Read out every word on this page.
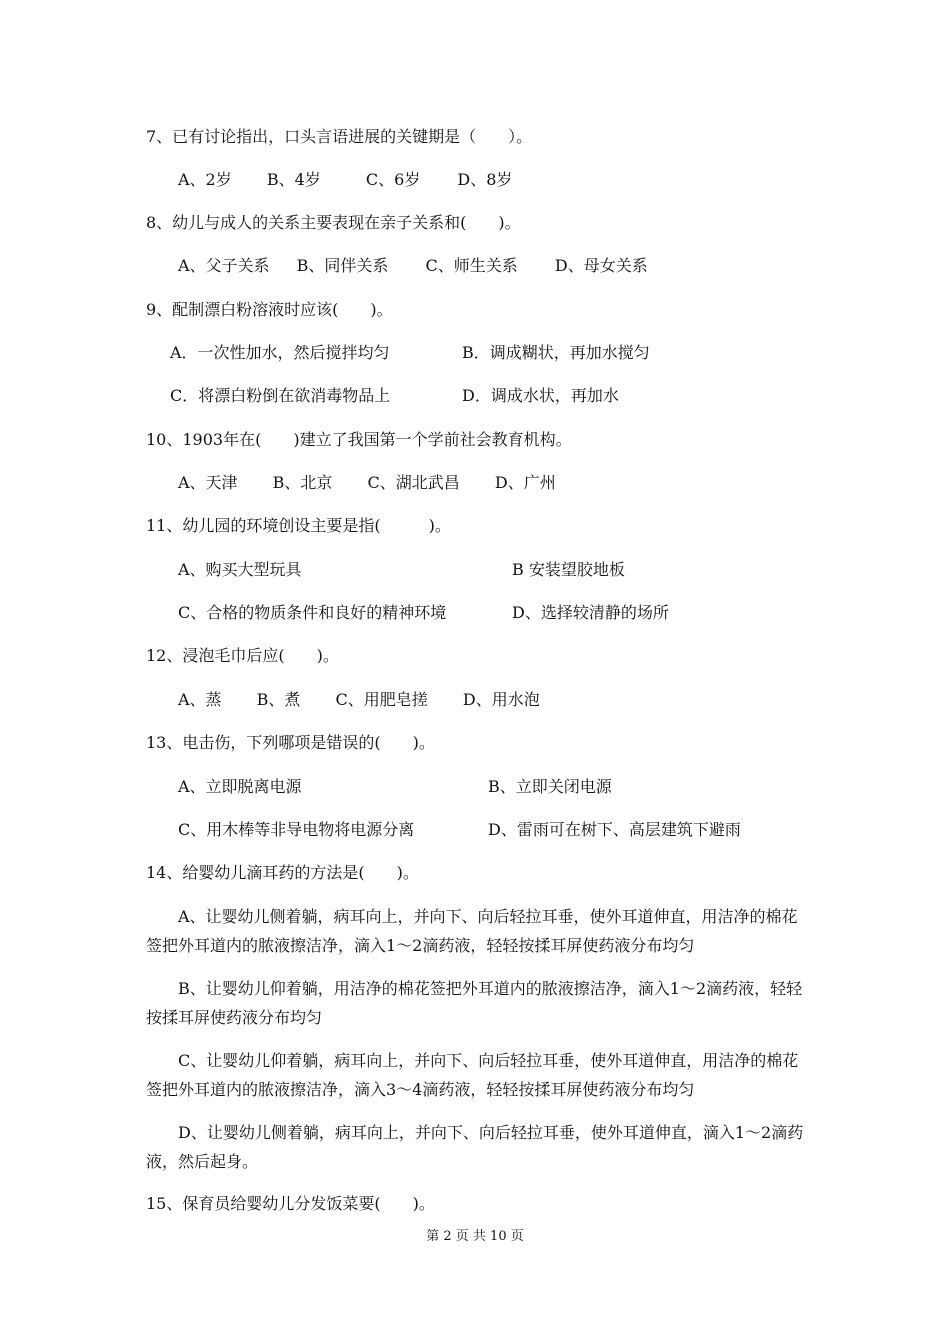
7、已有讨论指出，口头言语进展的关键期是（　　）。
A、2岁 B、4岁	C、6岁 D、8岁
8、幼儿与成人的关系主要表现在亲子关系和(　　)。
A、父子关系 B、同伴关系 C、师生关系 D、母女关系
9、配制漂白粉溶液时应该(　　)。
A．一次性加水，然后搅拌均匀	B．调成糊状，再加水搅匀
C．将漂白粉倒在欲消毒物品上	D．调成水状，再加水
10、1903年在(　　)建立了我国第一个学前社会教育机构。
A、天津 B、北京 C、湖北武昌 D、广州
11、幼儿园的环境创设主要是指(　　　)。
A、购买大型玩具	B 安装望胶地板
C、合格的物质条件和良好的精神环境	D、选择较清静的场所
12、浸泡毛巾后应(　　)。
A、蒸 B、煮 C、用肥皂搓 D、用水泡
13、电击伤，下列哪项是错误的(　　)。
A、立即脱离电源	B、立即关闭电源
C、用木棒等非导电物将电源分离	D、雷雨可在树下、高层建筑下避雨
14、给婴幼儿滴耳药的方法是(　　)。
A、让婴幼儿侧着躺，病耳向上，并向下、向后轻拉耳垂，使外耳道伸直，用洁净的棉花签把外耳道内的脓液擦洁净，滴入1～2滴药液，轻轻按揉耳屏使药液分布均匀
B、让婴幼儿仰着躺，用洁净的棉花签把外耳道内的脓液擦洁净，滴入1～2滴药液，轻轻按揉耳屏使药液分布均匀
C、让婴幼儿仰着躺，病耳向上，并向下、向后轻拉耳垂，使外耳道伸直，用洁净的棉花签把外耳道内的脓液擦洁净，滴入3～4滴药液，轻轻按揉耳屏使药液分布均匀
D、让婴幼儿侧着躺，病耳向上，并向下、向后轻拉耳垂，使外耳道伸直，滴入1～2滴药液，然后起身。
15、保育员给婴幼儿分发饭菜要(　　)。
第 2 页 共 10 页
